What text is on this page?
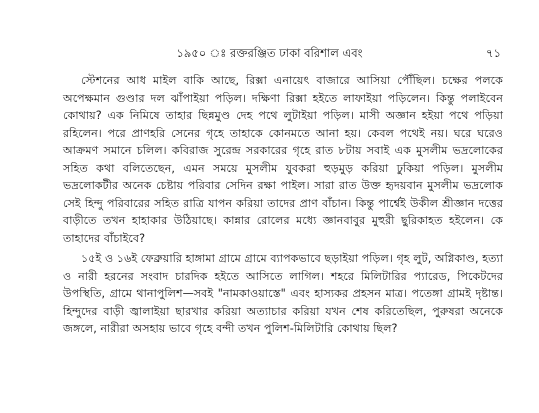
১৯৫০ ঃ রক্তরঞ্জিত ঢাকা বরিশাল এবং	৭১

স্টেশনের আধ মাইল বাকি আছে, রিক্সা এনায়েৎ বাজারে আসিয়া পৌঁছিল। চক্ষের পলকে অপেক্ষমান গুণ্ডার দল ঝাঁপাইয়া পড়িল। দক্ষিণা রিক্সা হইতে লাফাইয়া পড়িলেন। কিন্তু পলাইবেন কোথায়? এক নিমিষে তাহার ছিন্নমুণ্ড দেহ পথে লুটাইয়া পড়িল। মাসী অজ্ঞান হইয়া পথে পড়িয়া রহিলেন। পরে প্রাণহরি সেনের গৃহে তাহাকে কোনমতে আনা হয়। কেবল পথেই নয়। ঘরে ঘরেও আক্রমণ সমানে চলিল। কবিরাজ সুরেন্দ্র সরকারের গৃহে রাত ৮টায় সবাই এক মুসলীম ভদ্রলোকের সহিত কথা বলিতেছেন, এমন সময়ে মুসলীম যুবকরা হুড়মুড় করিয়া ঢুকিয়া পড়িল। মুসলীম ভদ্রলোকটীর অনেক চেষ্টায় পরিবার সেদিন রক্ষা পাইল। সারা রাত উক্ত হৃদয়বান মুসলীম ভদ্রলোক সেই হিন্দু পরিবারের সহিত রাত্রি যাপন করিয়া তাদের প্রাণ বাঁচান। কিন্তু পার্শ্বেই উকীল শ্রীজ্ঞান দত্তের বাড়ীতে তখন হাহাকার উঠিয়াছে। কান্নার রোলের মধ্যে জ্ঞানবাবুর মুহুরী ছুরিকাহত হইলেন। কে তাহাদের বাঁচাইবে?

১৫ই ও ১৬ই ফেব্রুয়ারি হাঙ্গামা গ্রামে গ্রামে ব্যাপকভাবে ছড়াইয়া পড়িল। গৃহ লুট, অগ্নিকাণ্ড, হত্যা ও নারী হরনের সংবাদ চারদিক হইতে আসিতে লাগিল। শহরে মিলিটারির প্যারেড, পিকেটদের উপস্থিতি, গ্রামে থানাপুলিশ—সবই "নামকাওয়াস্তে" এবং হাস্যকর প্রহসন মাত্র। পতেঙ্গা গ্রামই দৃষ্টান্ত। হিন্দুদের বাড়ী জ্বালাইয়া ছারখার করিয়া অত্যাচার করিয়া যখন শেষ করিতেছিল, পুরুষরা অনেকে জঙ্গলে, নারীরা অসহায় ভাবে গৃহে বন্দী তখন পুলিশ-মিলিটারি কোথায় ছিল?
